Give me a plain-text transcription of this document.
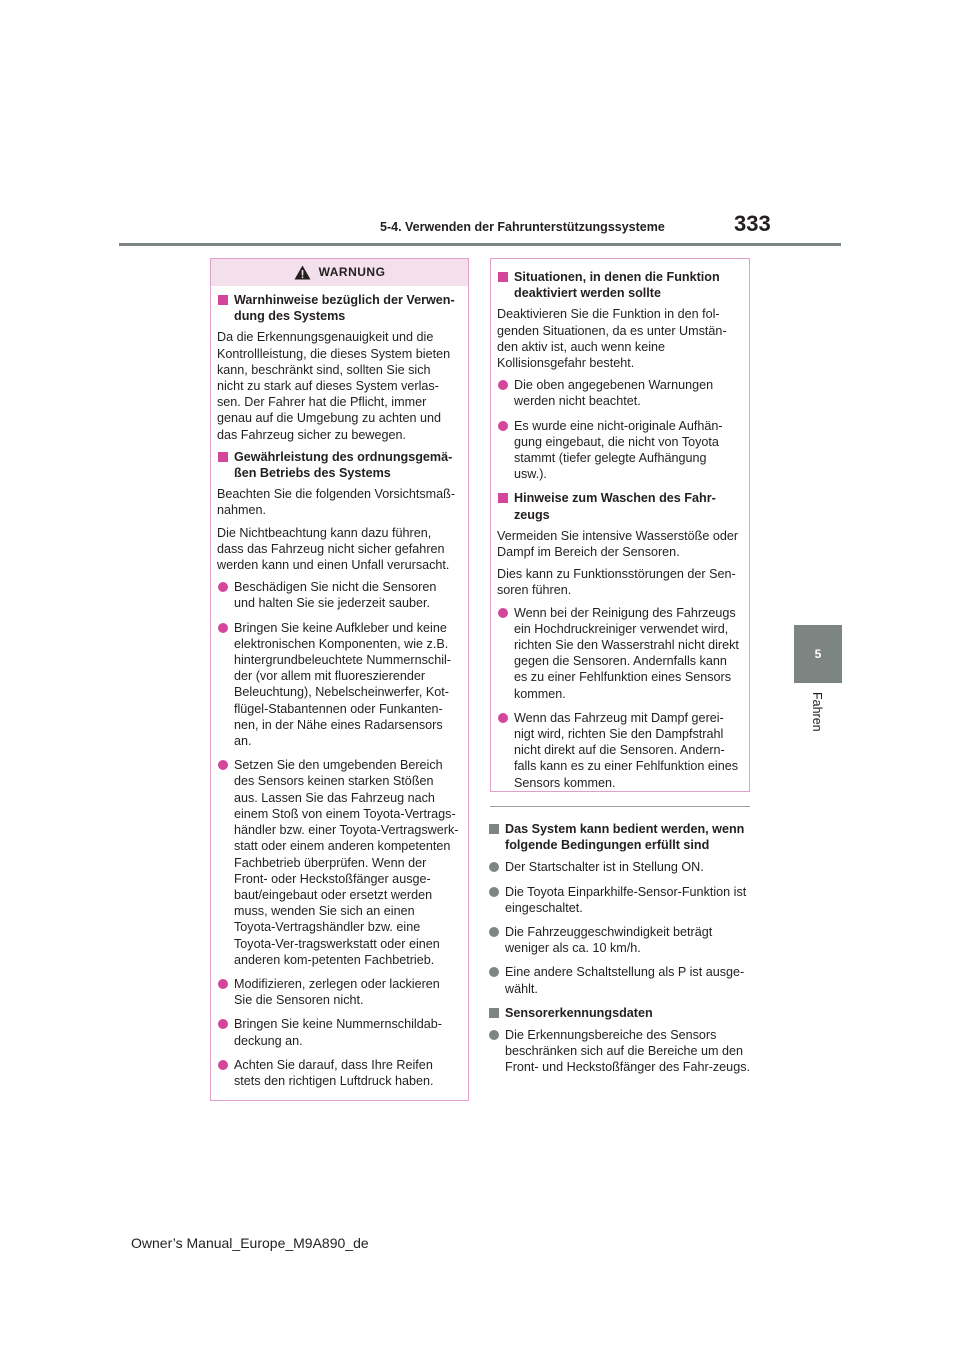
5-4. Verwenden der Fahrunterstützungssysteme	333
5
Fahren
WARNUNG
Warnhinweise bezüglich der Verwen-dung des Systems
Da die Erkennungsgenauigkeit und die Kontrollleistung, die dieses System bieten kann, beschränkt sind, sollten Sie sich nicht zu stark auf dieses System verlas-sen. Der Fahrer hat die Pflicht, immer genau auf die Umgebung zu achten und das Fahrzeug sicher zu bewegen.
Gewährleistung des ordnungsgemä-ßen Betriebs des Systems
Beachten Sie die folgenden Vorsichtsmaß-nahmen.
Die Nichtbeachtung kann dazu führen, dass das Fahrzeug nicht sicher gefahren werden kann und einen Unfall verursacht.
Beschädigen Sie nicht die Sensoren und halten Sie sie jederzeit sauber.
Bringen Sie keine Aufkleber und keine elektronischen Komponenten, wie z.B. hintergrundbeleuchtete Nummernschil-der (vor allem mit fluoreszierender Beleuchtung), Nebelscheinwerfer, Kot-flügel-Stabantennen oder Funkanten-nen, in der Nähe eines Radarsensors an.
Setzen Sie den umgebenden Bereich des Sensors keinen starken Stößen aus. Lassen Sie das Fahrzeug nach einem Stoß von einem Toyota-Vertrags-händler bzw. einer Toyota-Vertragswerk-statt oder einem anderen kompetenten Fachbetrieb überprüfen. Wenn der Front- oder Heckstoßfänger ausge-baut/eingebaut oder ersetzt werden muss, wenden Sie sich an einen Toyota-Vertragshändler bzw. eine Toyota-Ver-tragswerkstatt oder einen anderen kom-petenten Fachbetrieb.
Modifizieren, zerlegen oder lackieren Sie die Sensoren nicht.
Bringen Sie keine Nummernschildab-deckung an.
Achten Sie darauf, dass Ihre Reifen stets den richtigen Luftdruck haben.
Situationen, in denen die Funktion deaktiviert werden sollte
Deaktivieren Sie die Funktion in den fol-genden Situationen, da es unter Umstän-den aktiv ist, auch wenn keine Kollisionsgefahr besteht.
Die oben angegebenen Warnungen werden nicht beachtet.
Es wurde eine nicht-originale Aufhän-gung eingebaut, die nicht von Toyota stammt (tiefer gelegte Aufhängung usw.).
Hinweise zum Waschen des Fahr-zeugs
Vermeiden Sie intensive Wasserstöße oder Dampf im Bereich der Sensoren.
Dies kann zu Funktionsstörungen der Sen-soren führen.
Wenn bei der Reinigung des Fahrzeugs ein Hochdruckreiniger verwendet wird, richten Sie den Wasserstrahl nicht direkt gegen die Sensoren. Andernfalls kann es zu einer Fehlfunktion eines Sensors kommen.
Wenn das Fahrzeug mit Dampf gerei-nigt wird, richten Sie den Dampfstrahl nicht direkt auf die Sensoren. Andern-falls kann es zu einer Fehlfunktion eines Sensors kommen.
Das System kann bedient werden, wenn folgende Bedingungen erfüllt sind
Der Startschalter ist in Stellung ON.
Die Toyota Einparkhilfe-Sensor-Funktion ist eingeschaltet.
Die Fahrzeuggeschwindigkeit beträgt weniger als ca. 10 km/h.
Eine andere Schaltstellung als P ist ausge-wählt.
Sensorerkennungsdaten
Die Erkennungsbereiche des Sensors beschränken sich auf die Bereiche um den Front- und Heckstoßfänger des Fahr-zeugs.
Owner’s Manual_Europe_M9A890_de
